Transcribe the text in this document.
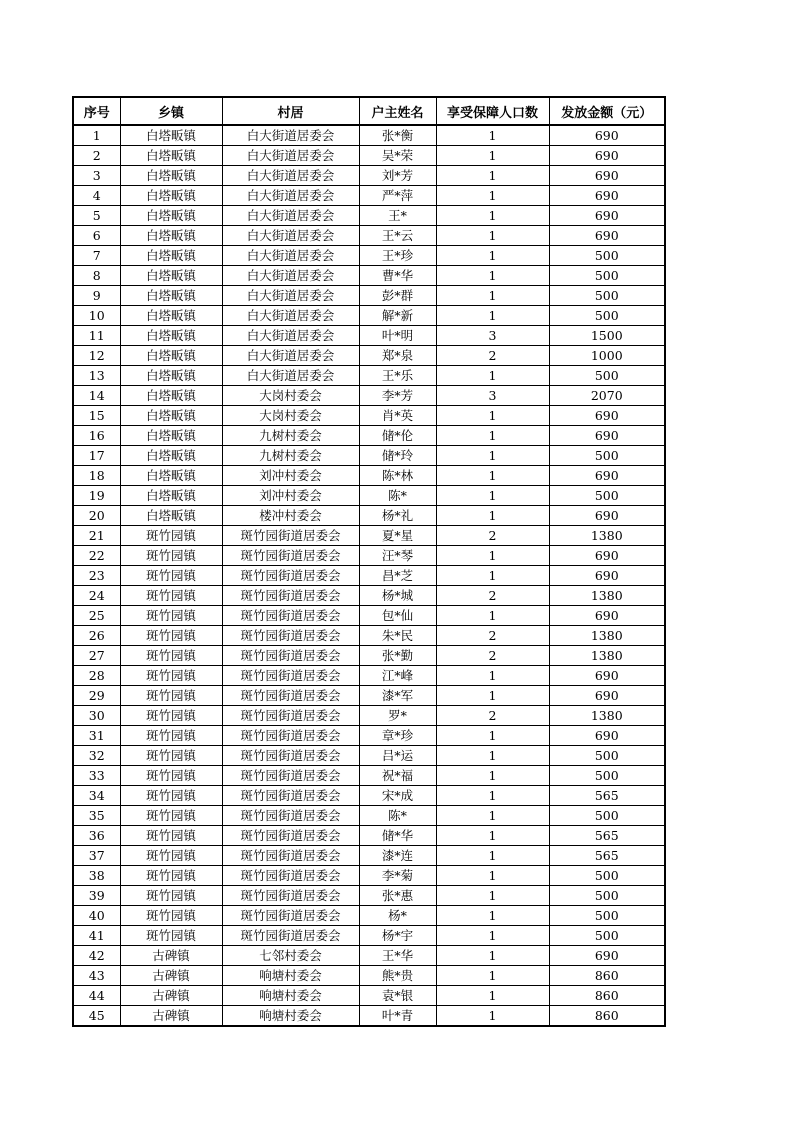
序号	乡镇	村居	户主姓名	享受保障人口数	发放金额（元）
1	白塔畈镇	白大街道居委会	张*衡	1	690
2	白塔畈镇	白大街道居委会	吴*荣	1	690
3	白塔畈镇	白大街道居委会	刘*芳	1	690
4	白塔畈镇	白大街道居委会	严*萍	1	690
5	白塔畈镇	白大街道居委会	王*	1	690
6	白塔畈镇	白大街道居委会	王*云	1	690
7	白塔畈镇	白大街道居委会	王*珍	1	500
8	白塔畈镇	白大街道居委会	曹*华	1	500
9	白塔畈镇	白大街道居委会	彭*群	1	500
10	白塔畈镇	白大街道居委会	解*新	1	500
11	白塔畈镇	白大街道居委会	叶*明	3	1500
12	白塔畈镇	白大街道居委会	郑*泉	2	1000
13	白塔畈镇	白大街道居委会	王*乐	1	500
14	白塔畈镇	大岗村委会	李*芳	3	2070
15	白塔畈镇	大岗村委会	肖*英	1	690
16	白塔畈镇	九树村委会	储*伦	1	690
17	白塔畈镇	九树村委会	储*玲	1	500
18	白塔畈镇	刘冲村委会	陈*林	1	690
19	白塔畈镇	刘冲村委会	陈*	1	500
20	白塔畈镇	楼冲村委会	杨*礼	1	690
21	斑竹园镇	斑竹园街道居委会	夏*星	2	1380
22	斑竹园镇	斑竹园街道居委会	汪*琴	1	690
23	斑竹园镇	斑竹园街道居委会	昌*芝	1	690
24	斑竹园镇	斑竹园街道居委会	杨*城	2	1380
25	斑竹园镇	斑竹园街道居委会	包*仙	1	690
26	斑竹园镇	斑竹园街道居委会	朱*民	2	1380
27	斑竹园镇	斑竹园街道居委会	张*勤	2	1380
28	斑竹园镇	斑竹园街道居委会	江*峰	1	690
29	斑竹园镇	斑竹园街道居委会	漆*军	1	690
30	斑竹园镇	斑竹园街道居委会	罗*	2	1380
31	斑竹园镇	斑竹园街道居委会	章*珍	1	690
32	斑竹园镇	斑竹园街道居委会	吕*运	1	500
33	斑竹园镇	斑竹园街道居委会	祝*福	1	500
34	斑竹园镇	斑竹园街道居委会	宋*成	1	565
35	斑竹园镇	斑竹园街道居委会	陈*	1	500
36	斑竹园镇	斑竹园街道居委会	储*华	1	565
37	斑竹园镇	斑竹园街道居委会	漆*连	1	565
38	斑竹园镇	斑竹园街道居委会	李*菊	1	500
39	斑竹园镇	斑竹园街道居委会	张*惠	1	500
40	斑竹园镇	斑竹园街道居委会	杨*	1	500
41	斑竹园镇	斑竹园街道居委会	杨*宇	1	500
42	古碑镇	七邻村委会	王*华	1	690
43	古碑镇	响塘村委会	熊*贵	1	860
44	古碑镇	响塘村委会	袁*银	1	860
45	古碑镇	响塘村委会	叶*青	1	860
